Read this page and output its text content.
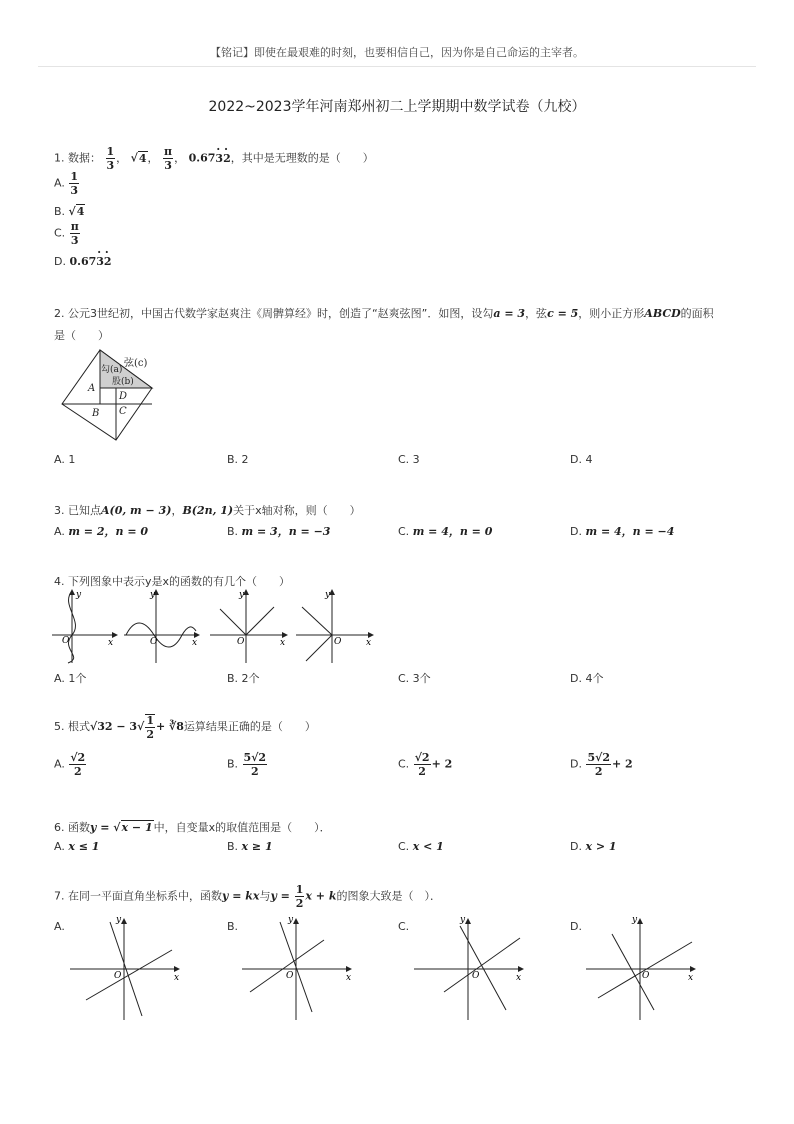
【铭记】即使在最艰难的时刻，也要相信自己，因为你是自己命运的主宰者。
2022~2023学年河南郑州初二上学期期中数学试卷（九校）
1. 数据： $\frac{1}{3}$ ， √4， $\frac{\pi}{3}$ ， 0.67· 3· 2，其中是无理数的是（　　）
A. $\frac{1}{3}$
B. √4
C. $\frac{\pi}{3}$
D. 0.67· 3· 2
2. 公元3世纪初，中国古代数学家赵爽注《周髀算经》时，创造了“赵爽弦图”．如图，设勾a = 3，弦c = 5，则小正方形ABCD的面积
是（　　）
弦(c)
勾(a)
股(b)
A
B C
D
A. 1	B. 2	C. 3	D. 4
3. 已知点A(0, m − 3)，B(2n, 1)关于x轴对称，则（　　）
A. m = 2，n = 0	B. m = 3，n = −3	C. m = 4，n = 0	D. m = 4，n = −4
4. 下列图象中表示y是x的函数的有几个（　　）
y
O	x
y
O	x
y
O	x
y
O	x
A. 1个	B. 2个	C. 3个	D. 4个
5. 根式$√32 - 3√ \frac{1}{2}$ + ∛8运算结果正确的是（　　）
A. $\frac{√2}{2}$	B. $\frac{5√2}{2}$	C. $\frac{√2}{2} + 2$	D. $\frac{5√2}{2} + 2$
6. 函数y = √x − 1中，自变量x的取值范围是（　　）．
A. x ≤ 1	B. x ≥ 1	C. x < 1	D. x > 1
7. 在同一平面直角坐标系中，函数y = kx与$y = \frac{1}{2}$ x + k的图象大致是（　）．
A.	B.	C.	D.
y
O	x
y
O	x
y
O	x
y
O	x
